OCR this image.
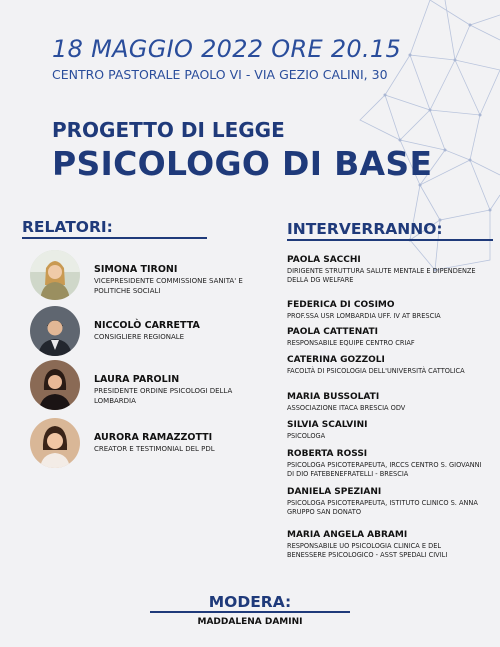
18 MAGGIO 2022 ORE 20.15
CENTRO PASTORALE PAOLO VI - VIA GEZIO CALINI, 30
PROGETTO DI LEGGE
PSICOLOGO DI BASE
RELATORI:
SIMONA TIRONI
VICEPRESIDENTE COMMISSIONE SANITA' E POLITICHE SOCIALI
NICCOLÒ CARRETTA
CONSIGLIERE REGIONALE
LAURA PAROLIN
PRESIDENTE ORDINE PSICOLOGI DELLA LOMBARDIA
AURORA RAMAZZOTTI
CREATOR E TESTIMONIAL DEL PDL
INTERVERRANNO:
PAOLA SACCHI
DIRIGENTE STRUTTURA SALUTE MENTALE E DIPENDENZE DELLA DG WELFARE
FEDERICA DI COSIMO
PROF.SSA USR LOMBARDIA UFF. IV AT BRESCIA
PAOLA CATTENATI
RESPONSABILE EQUIPE CENTRO CRIAF
CATERINA GOZZOLI
FACOLTÀ DI PSICOLOGIA DELL'UNIVERSITÀ CATTOLICA
MARIA BUSSOLATI
ASSOCIAZIONE ITACA BRESCIA ODV
SILVIA SCALVINI
PSICOLOGA
ROBERTA ROSSI
PSICOLOGA PSICOTERAPEUTA, IRCCS CENTRO S. GIOVANNI DI DIO FATEBENEFRATELLI - BRESCIA
DANIELA SPEZIANI
PSICOLOGA PSICOTERAPEUTA, ISTITUTO CLINICO S. ANNA GRUPPO SAN DONATO
MARIA ANGELA ABRAMI
RESPONSABILE UO PSICOLOGIA CLINICA E DEL BENESSERE PSICOLOGICO - ASST SPEDALI CIVILI
MODERA:
MADDALENA DAMINI
